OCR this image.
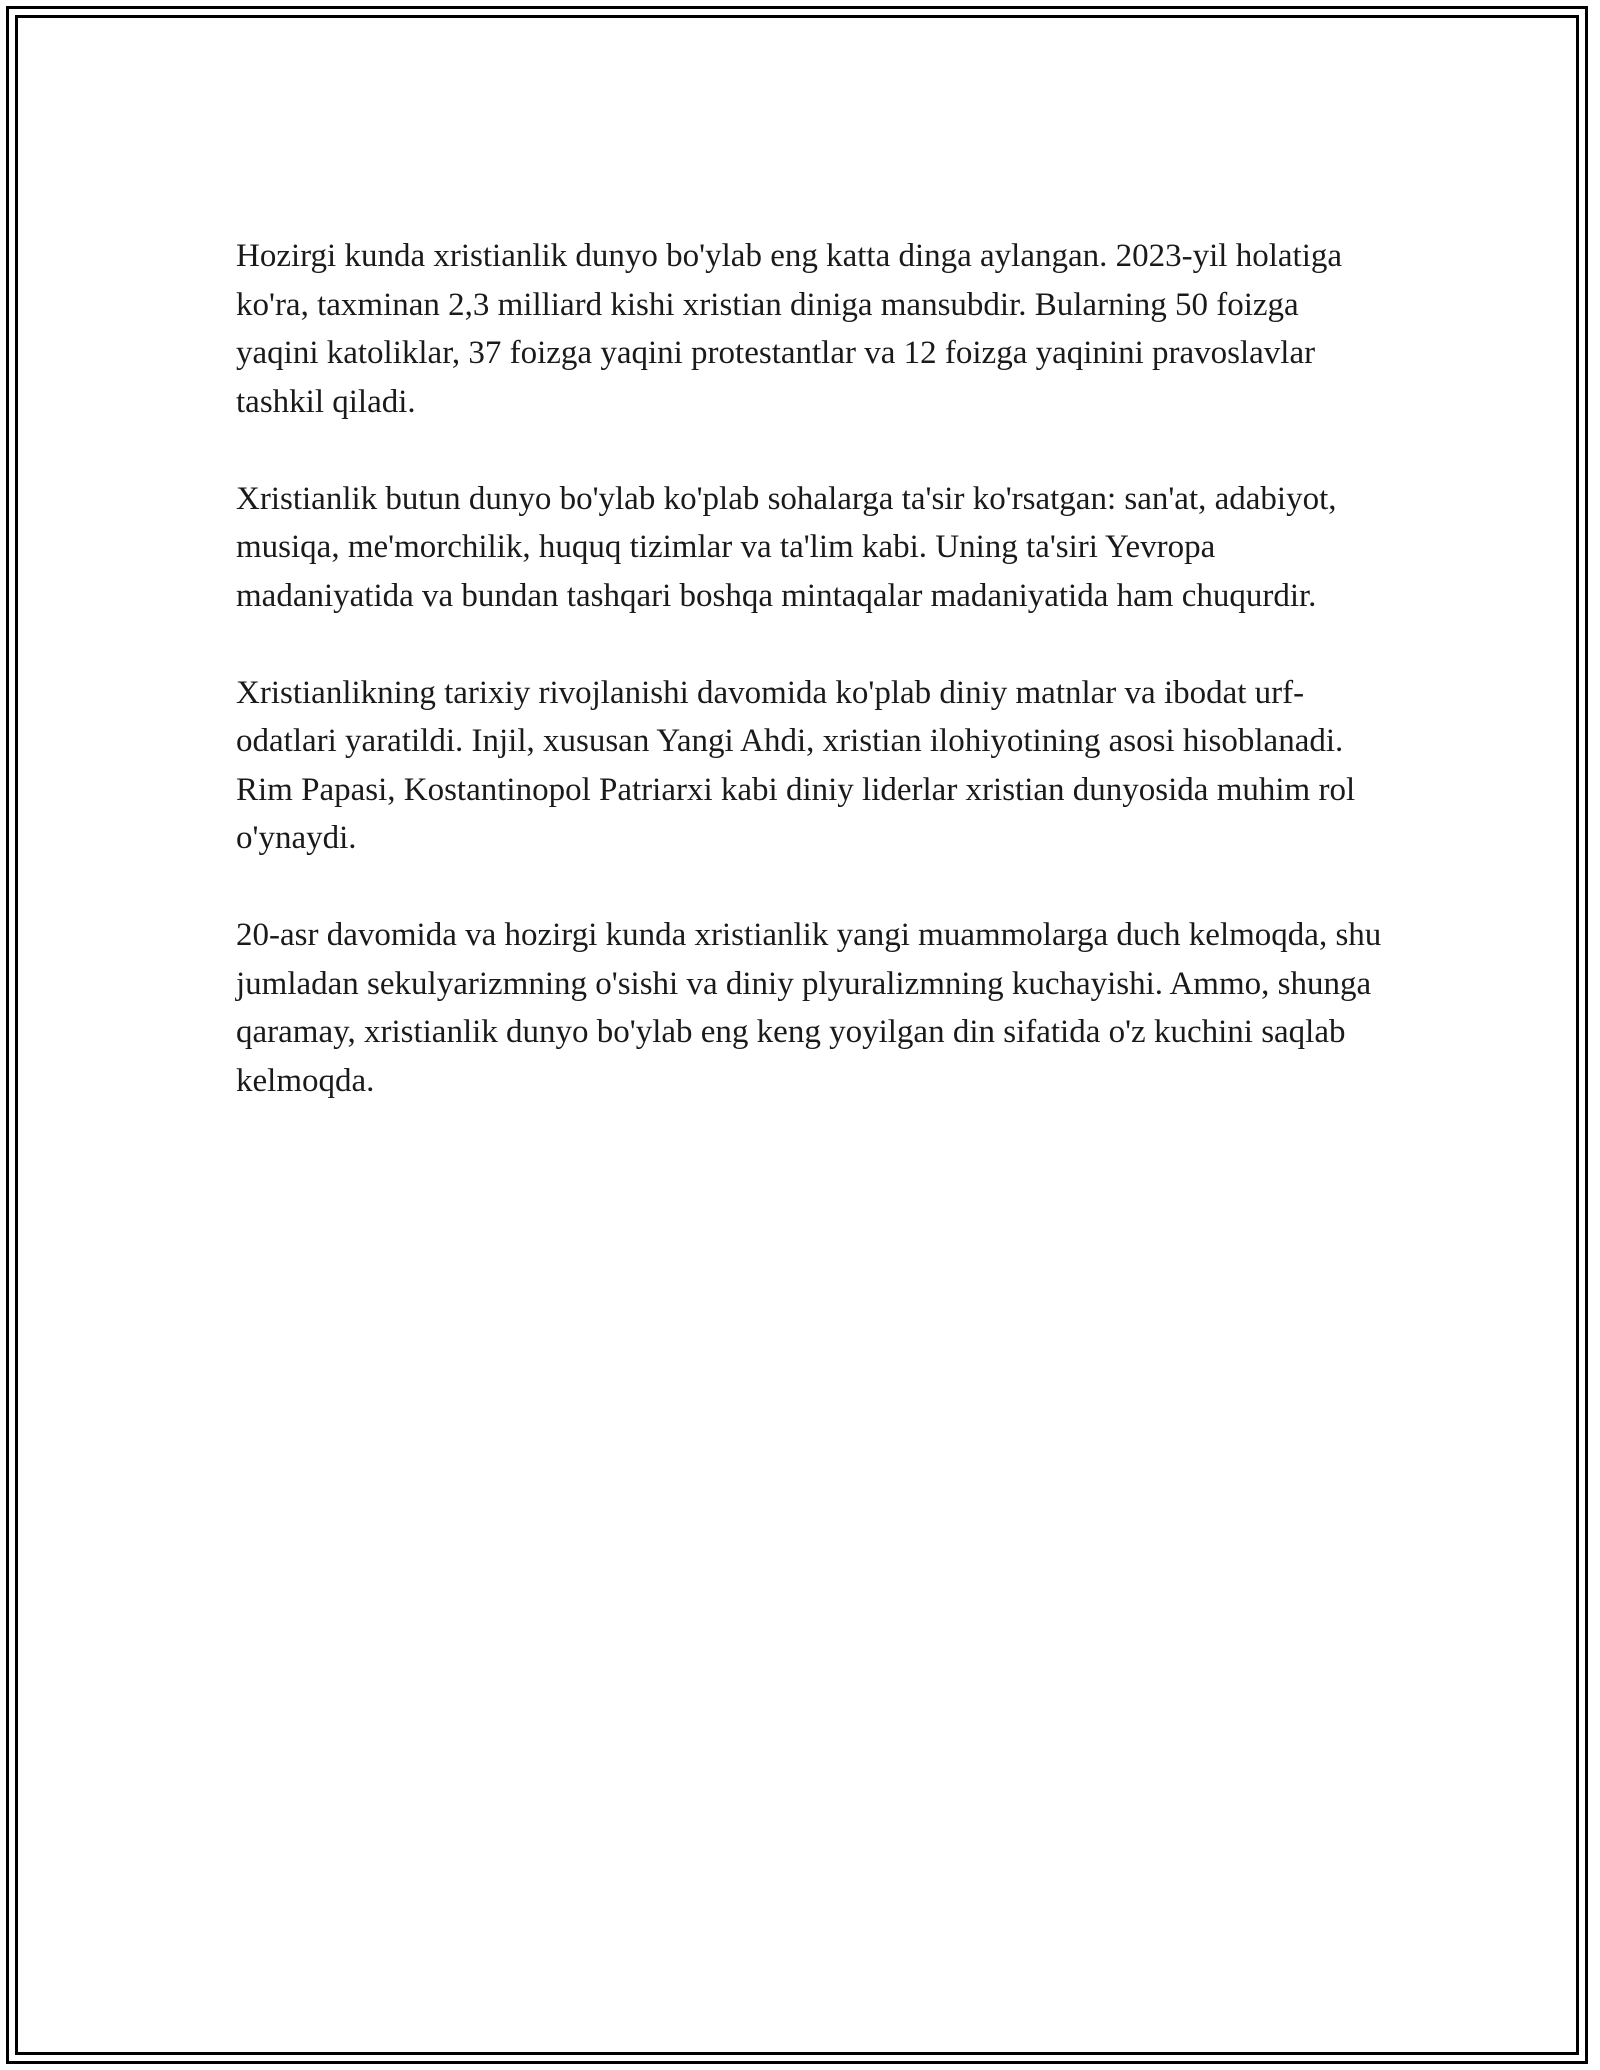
Hozirgi kunda xristianlik dunyo bo'ylab eng katta dinga aylangan. 2023-yil holatiga ko'ra, taxminan 2,3 milliard kishi xristian diniga mansubdir. Bularning 50 foizga yaqini katoliklar, 37 foizga yaqini protestantlar va 12 foizga yaqinini pravoslavlar tashkil qiladi.

Xristianlik butun dunyo bo'ylab ko'plab sohalarga ta'sir ko'rsatgan: san'at, adabiyot, musiqa, me'morchilik, huquq tizimlar va ta'lim kabi. Uning ta'siri Yevropa madaniyatida va bundan tashqari boshqa mintaqalar madaniyatida ham chuqurdir.

Xristianlikning tarixiy rivojlanishi davomida ko'plab diniy matnlar va ibodat urf-odatlari yaratildi. Injil, xususan Yangi Ahdi, xristian ilohiyotining asosi hisoblanadi. Rim Papasi, Kostantinopol Patriarxi kabi diniy liderlar xristian dunyosida muhim rol o'ynaydi.

20-asr davomida va hozirgi kunda xristianlik yangi muammolarga duch kelmoqda, shu jumladan sekulyarizmning o'sishi va diniy plyuralizmning kuchayishi. Ammo, shunga qaramay, xristianlik dunyo bo'ylab eng keng yoyilgan din sifatida o'z kuchini saqlab kelmoqda.
